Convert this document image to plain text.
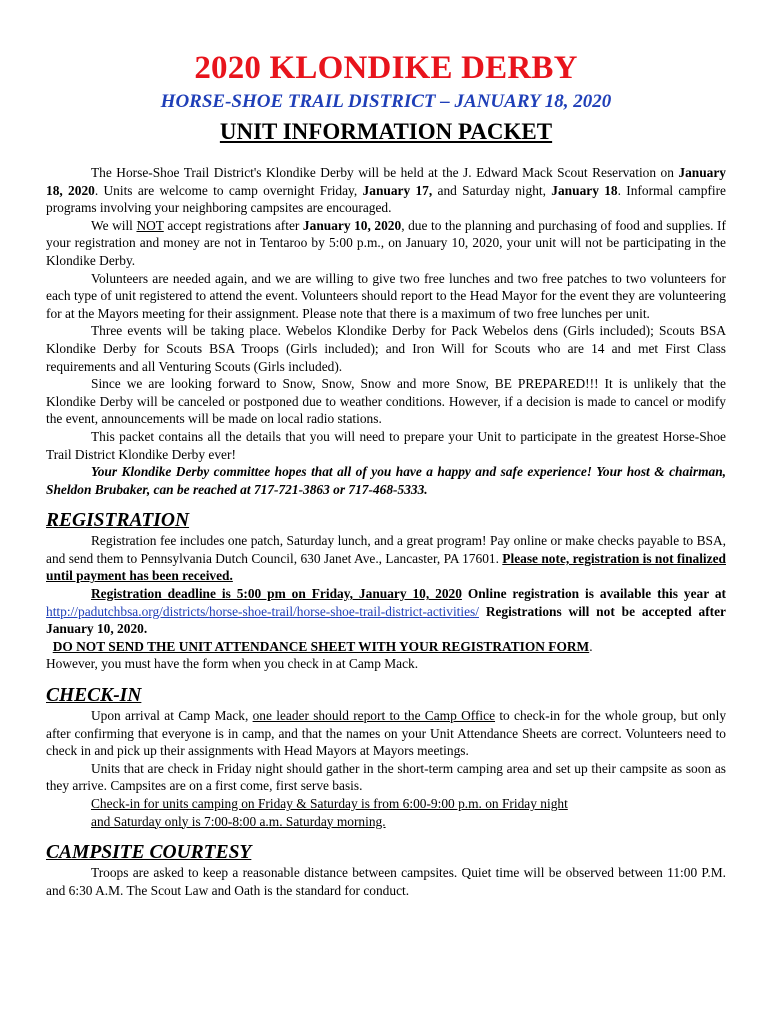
2020 KLONDIKE DERBY
HORSE-SHOE TRAIL DISTRICT – JANUARY 18, 2020
UNIT INFORMATION PACKET

The Horse-Shoe Trail District's Klondike Derby will be held at the J. Edward Mack Scout Reservation on January 18, 2020. Units are welcome to camp overnight Friday, January 17, and Saturday night, January 18. Informal campfire programs involving your neighboring campsites are encouraged.

We will NOT accept registrations after January 10, 2020, due to the planning and purchasing of food and supplies. If your registration and money are not in Tentaroo by 5:00 p.m., on January 10, 2020, your unit will not be participating in the Klondike Derby.

Volunteers are needed again, and we are willing to give two free lunches and two free patches to two volunteers for each type of unit registered to attend the event. Volunteers should report to the Head Mayor for the event they are volunteering for at the Mayors meeting for their assignment. Please note that there is a maximum of two free lunches per unit.

Three events will be taking place. Webelos Klondike Derby for Pack Webelos dens (Girls included); Scouts BSA Klondike Derby for Scouts BSA Troops (Girls included); and Iron Will for Scouts who are 14 and met First Class requirements and all Venturing Scouts (Girls included).

Since we are looking forward to Snow, Snow, Snow and more Snow, BE PREPARED!!! It is unlikely that the Klondike Derby will be canceled or postponed due to weather conditions. However, if a decision is made to cancel or modify the event, announcements will be made on local radio stations.

This packet contains all the details that you will need to prepare your Unit to participate in the greatest Horse-Shoe Trail District Klondike Derby ever!

Your Klondike Derby committee hopes that all of you have a happy and safe experience! Your host & chairman, Sheldon Brubaker, can be reached at 717-721-3863 or 717-468-5333.

REGISTRATION

Registration fee includes one patch, Saturday lunch, and a great program! Pay online or make checks payable to BSA, and send them to Pennsylvania Dutch Council, 630 Janet Ave., Lancaster, PA 17601. Please note, registration is not finalized until payment has been received.

Registration deadline is 5:00 pm on Friday, January 10, 2020 Online registration is available this year at http://padutchbsa.org/districts/horse-shoe-trail/horse-shoe-trail-district-activities/ Registrations will not be accepted after January 10, 2020.

DO NOT SEND THE UNIT ATTENDANCE SHEET WITH YOUR REGISTRATION FORM.
However, you must have the form when you check in at Camp Mack.

CHECK-IN

Upon arrival at Camp Mack, one leader should report to the Camp Office to check-in for the whole group, but only after confirming that everyone is in camp, and that the names on your Unit Attendance Sheets are correct. Volunteers need to check in and pick up their assignments with Head Mayors at Mayors meetings.

Units that are check in Friday night should gather in the short-term camping area and set up their campsite as soon as they arrive. Campsites are on a first come, first serve basis.

Check-in for units camping on Friday & Saturday is from 6:00-9:00 p.m. on Friday night
and Saturday only is 7:00-8:00 a.m. Saturday morning.

CAMPSITE COURTESY

Troops are asked to keep a reasonable distance between campsites. Quiet time will be observed between 11:00 P.M. and 6:30 A.M. The Scout Law and Oath is the standard for conduct.
